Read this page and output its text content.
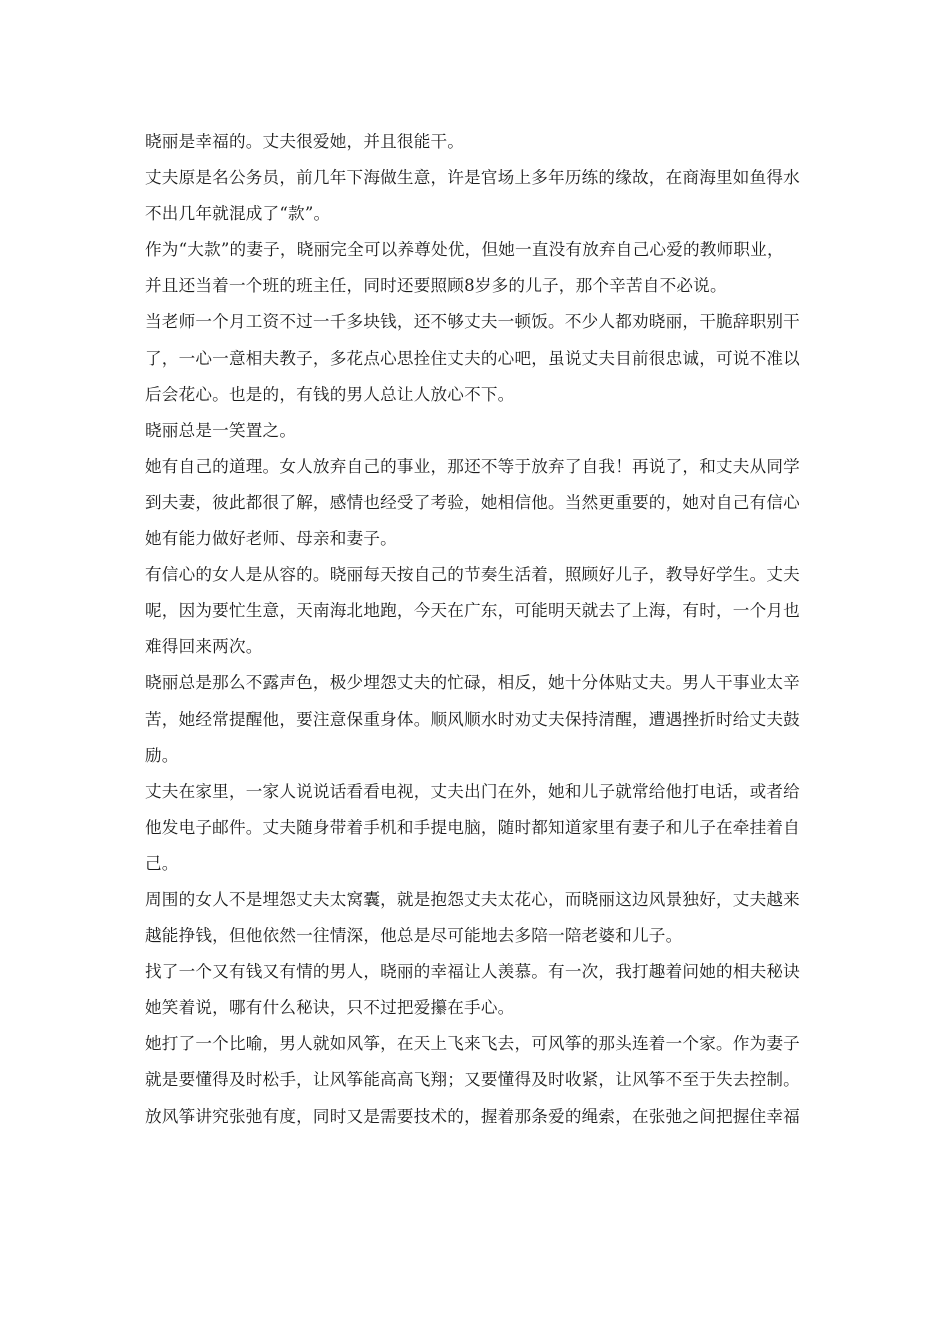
晓丽是幸福的。丈夫很爱她，并且很能干。
丈夫原是名公务员，前几年下海做生意，许是官场上多年历练的缘故，在商海里如鱼得水
不出几年就混成了“款”。
作为“大款”的妻子，晓丽完全可以养尊处优，但她一直没有放弃自己心爱的教师职业，
并且还当着一个班的班主任，同时还要照顾8岁多的儿子，那个辛苦自不必说。
当老师一个月工资不过一千多块钱，还不够丈夫一顿饭。不少人都劝晓丽，干脆辞职别干
了，一心一意相夫教子，多花点心思拴住丈夫的心吧，虽说丈夫目前很忠诚，可说不准以
后会花心。也是的，有钱的男人总让人放心不下。
晓丽总是一笑置之。
她有自己的道理。女人放弃自己的事业，那还不等于放弃了自我！再说了，和丈夫从同学
到夫妻，彼此都很了解，感情也经受了考验，她相信他。当然更重要的，她对自己有信心
她有能力做好老师、母亲和妻子。
有信心的女人是从容的。晓丽每天按自己的节奏生活着，照顾好儿子，教导好学生。丈夫
呢，因为要忙生意，天南海北地跑，今天在广东，可能明天就去了上海，有时，一个月也
难得回来两次。
晓丽总是那么不露声色，极少埋怨丈夫的忙碌，相反，她十分体贴丈夫。男人干事业太辛
苦，她经常提醒他，要注意保重身体。顺风顺水时劝丈夫保持清醒，遭遇挫折时给丈夫鼓
励。
丈夫在家里，一家人说说话看看电视，丈夫出门在外，她和儿子就常给他打电话，或者给
他发电子邮件。丈夫随身带着手机和手提电脑，随时都知道家里有妻子和儿子在牵挂着自
己。
周围的女人不是埋怨丈夫太窝囊，就是抱怨丈夫太花心，而晓丽这边风景独好，丈夫越来
越能挣钱，但他依然一往情深，他总是尽可能地去多陪一陪老婆和儿子。
找了一个又有钱又有情的男人，晓丽的幸福让人羡慕。有一次，我打趣着问她的相夫秘诀
她笑着说，哪有什么秘诀，只不过把爱攥在手心。
她打了一个比喻，男人就如风筝，在天上飞来飞去，可风筝的那头连着一个家。作为妻子
就是要懂得及时松手，让风筝能高高飞翔；又要懂得及时收紧，让风筝不至于失去控制。
放风筝讲究张弛有度，同时又是需要技术的，握着那条爱的绳索，在张弛之间把握住幸福
